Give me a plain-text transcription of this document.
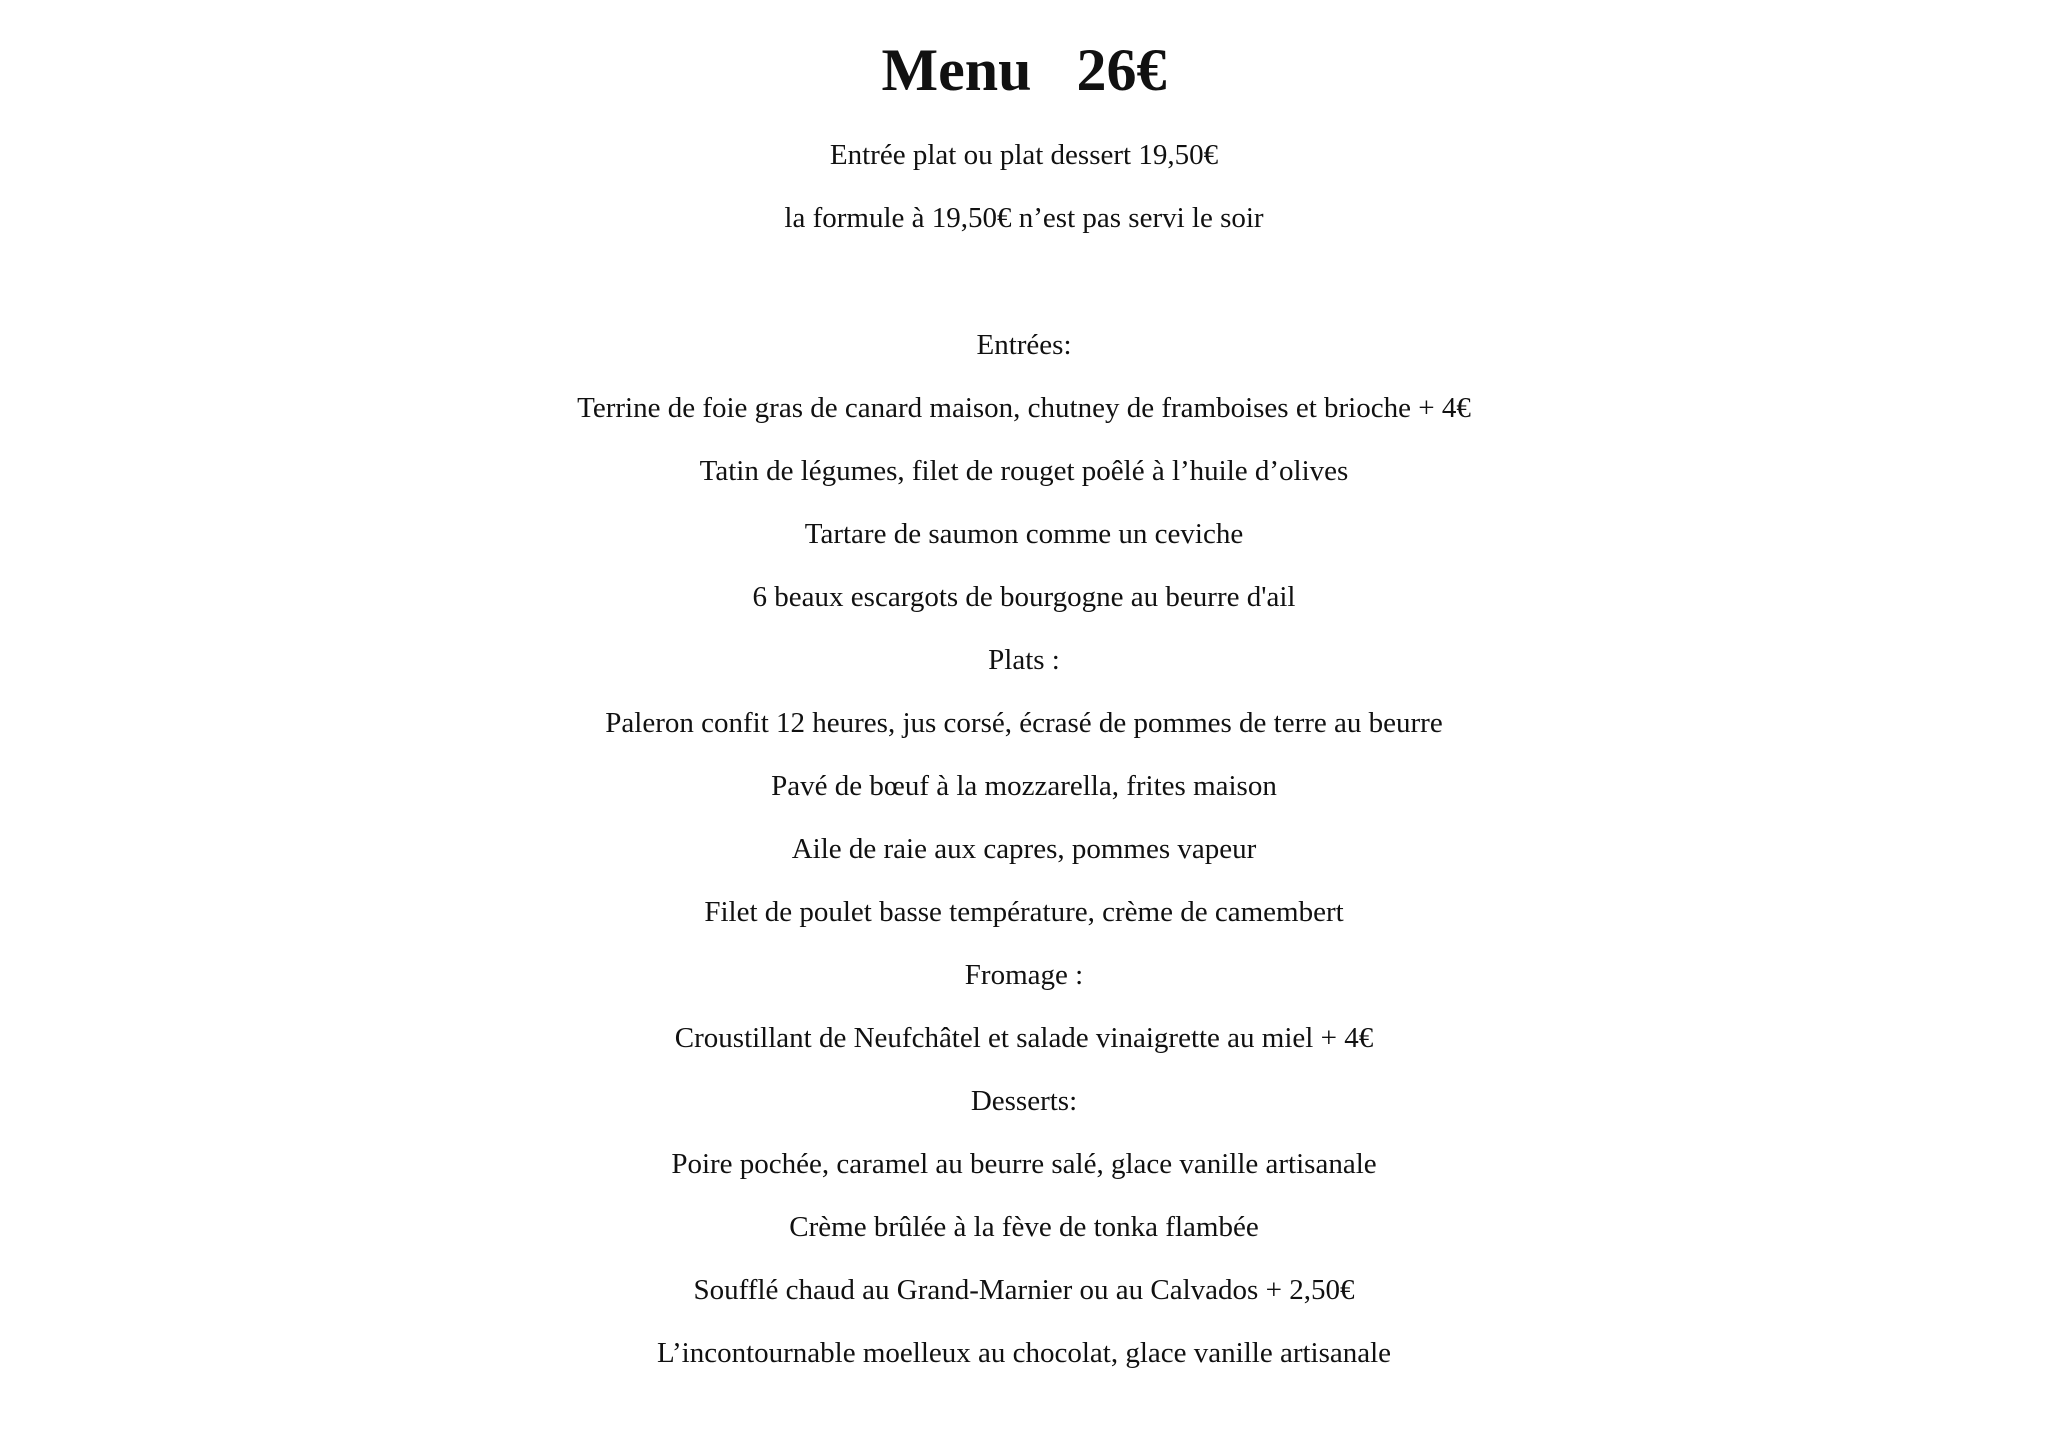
Menu   26€
Entrée plat ou plat dessert 19,50€
la formule à 19,50€ n’est pas servi le soir
Entrées:
Terrine de foie gras de canard maison, chutney de framboises et brioche + 4€
Tatin de légumes, filet de rouget poêlé à l’huile d’olives
Tartare de saumon comme un ceviche
6 beaux escargots de bourgogne au beurre d'ail
Plats :
Paleron confit 12 heures, jus corsé, écrasé de pommes de terre au beurre
Pavé de bœuf à la mozzarella, frites maison
Aile de raie aux capres, pommes vapeur
Filet de poulet basse température, crème de camembert
Fromage :
Croustillant de Neufchâtel et salade vinaigrette au miel + 4€
Desserts:
Poire pochée, caramel au beurre salé, glace vanille artisanale
Crème brûlée à la fève de tonka flambée
Soufflé chaud au Grand-Marnier ou au Calvados + 2,50€
L’incontournable moelleux au chocolat, glace vanille artisanale
